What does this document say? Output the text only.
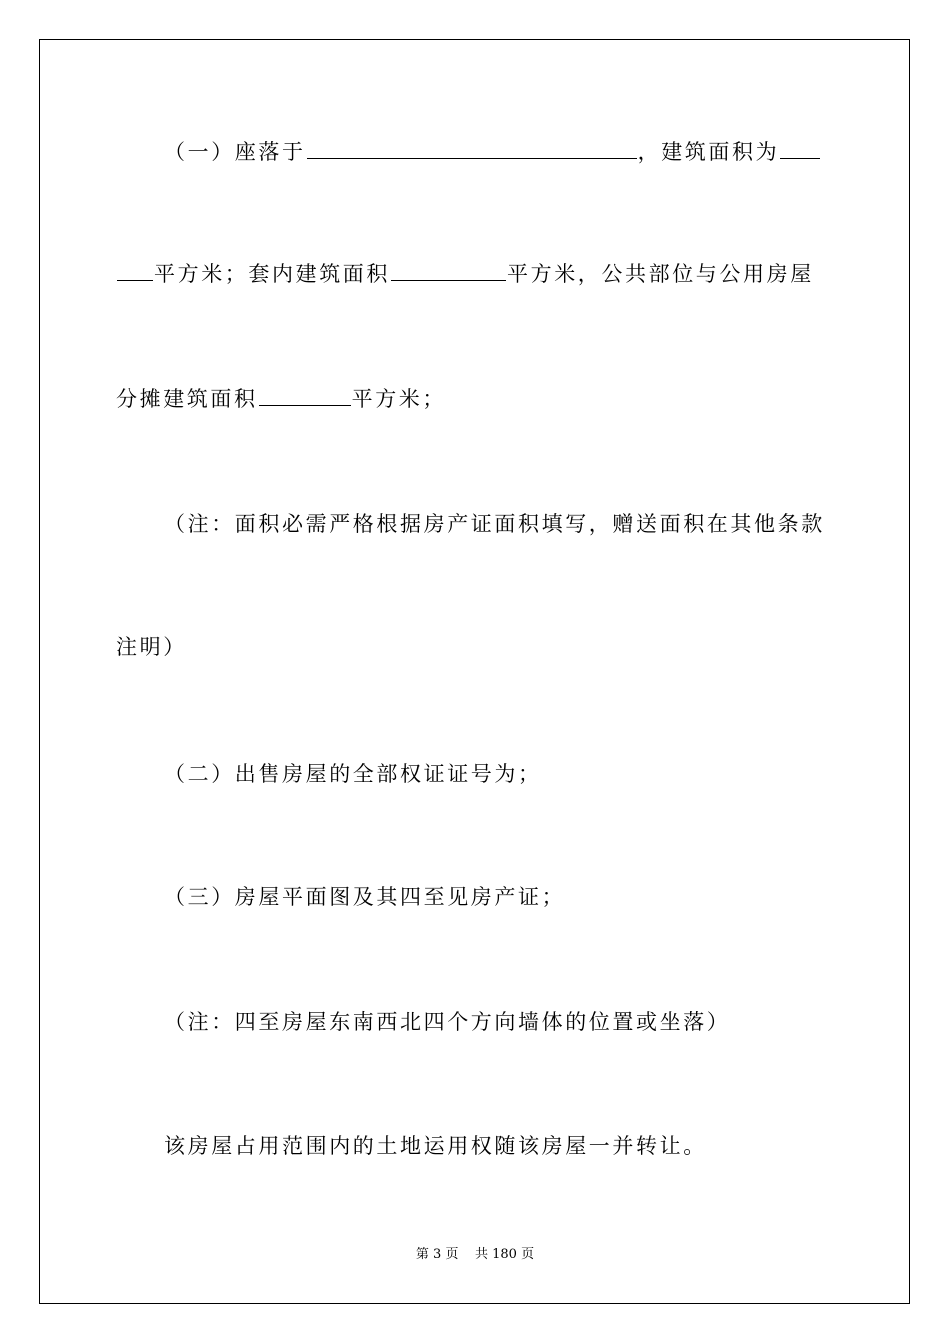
（一）座落于	，建筑面积为
平方米；套内建筑面积	平方米，公共部位与公用房屋
分摊建筑面积	平方米；
（注：面积必需严格根据房产证面积填写，赠送面积在其他条款
注明）
（二）出售房屋的全部权证证号为；
（三）房屋平面图及其四至见房产证；
（注：四至房屋东南西北四个方向墙体的位置或坐落）
该房屋占用范围内的土地运用权随该房屋一并转让。
第 3 页    共 180 页
